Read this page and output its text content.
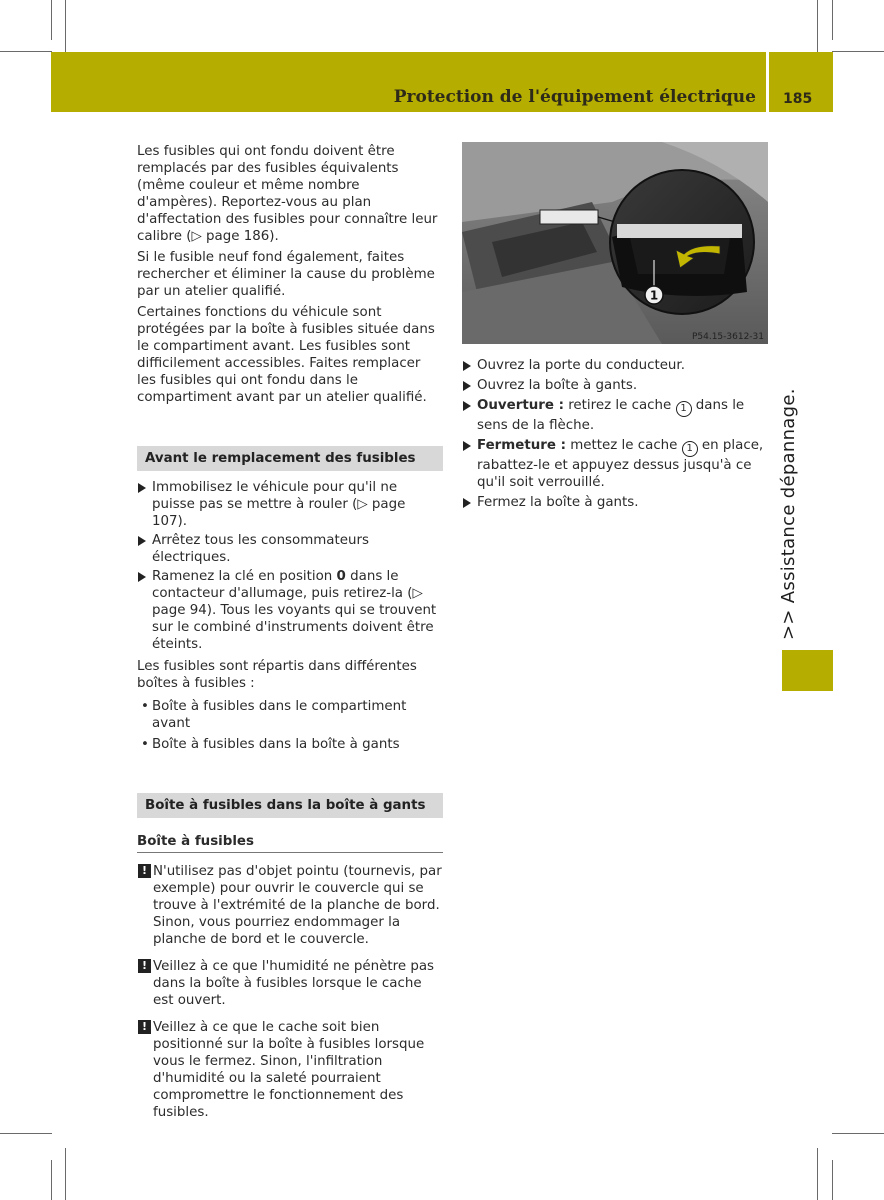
Protection de l'équipement électrique 185
>> Assistance dépannage.

Les fusibles qui ont fondu doivent être remplacés par des fusibles équivalents (même couleur et même nombre d'ampères). Reportez-vous au plan d'affectation des fusibles pour connaître leur calibre (▷ page 186).

Si le fusible neuf fond également, faites rechercher et éliminer la cause du problème par un atelier qualifié.

Certaines fonctions du véhicule sont protégées par la boîte à fusibles située dans le compartiment avant. Les fusibles sont difficilement accessibles. Faites remplacer les fusibles qui ont fondu dans le compartiment avant par un atelier qualifié.

Avant le remplacement des fusibles
Immobilisez le véhicule pour qu'il ne puisse pas se mettre à rouler (▷ page 107).
Arrêtez tous les consommateurs électriques.
Ramenez la clé en position 0 dans le contacteur d'allumage, puis retirez-la (▷ page 94). Tous les voyants qui se trouvent sur le combiné d'instruments doivent être éteints.

Les fusibles sont répartis dans différentes boîtes à fusibles :

• Boîte à fusibles dans le compartiment avant
• Boîte à fusibles dans la boîte à gants
Boîte à fusibles dans la boîte à gants
Boîte à fusibles
! N'utilisez pas d'objet pointu (tournevis, par exemple) pour ouvrir le couvercle qui se trouve à l'extrémité de la planche de bord. Sinon, vous pourriez endommager la planche de bord et le couvercle.
! Veillez à ce que l'humidité ne pénètre pas dans la boîte à fusibles lorsque le cache est ouvert.
! Veillez à ce que le cache soit bien positionné sur la boîte à fusibles lorsque vous le fermez. Sinon, l'infiltration d'humidité ou la saleté pourraient compromettre le fonctionnement des fusibles.
1
P54.15-3612-31
Ouvrez la porte du conducteur.
Ouvrez la boîte à gants.
Ouverture : retirez le cache 1 dans le sens de la flèche.
Fermeture : mettez le cache 1 en place, rabattez-le et appuyez dessus jusqu'à ce qu'il soit verrouillé.
Fermez la boîte à gants.
